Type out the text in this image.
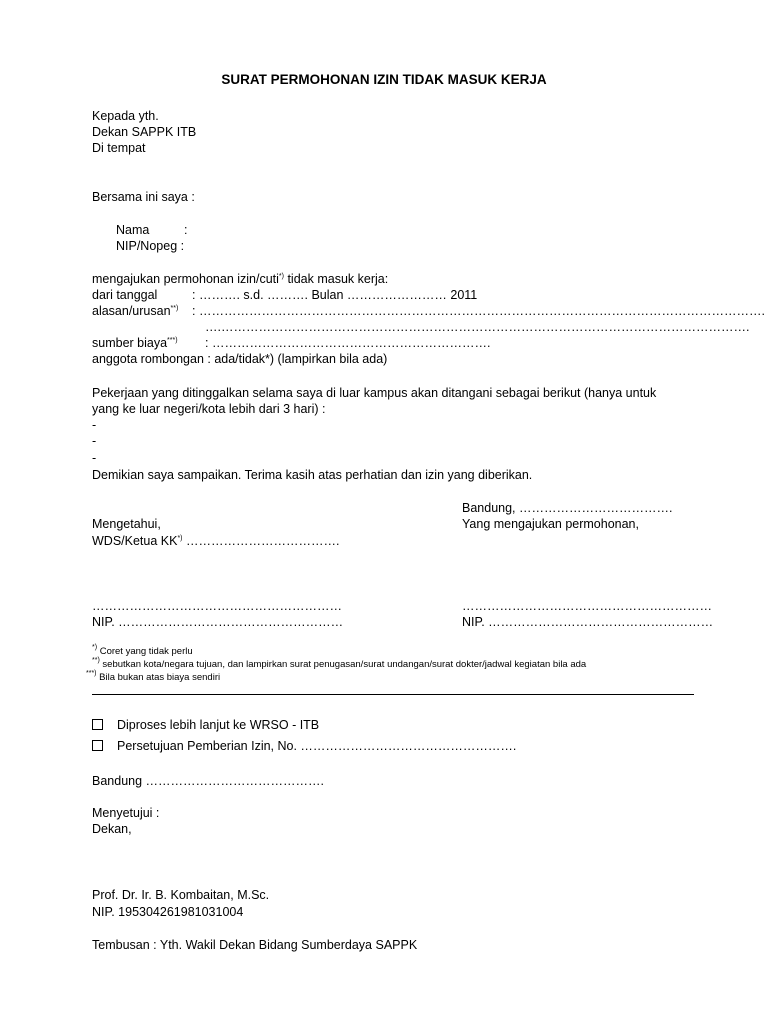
SURAT PERMOHONAN IZIN TIDAK MASUK KERJA
Kepada yth.
Dekan SAPPK ITB
Di tempat
Bersama ini saya :
Nama	:
NIP/Nopeg :
mengajukan permohonan izin/cuti*) tidak masuk kerja:
dari tanggal	: ………. s.d. ………. Bulan …………………… 2011
alasan/urusan**) : ……………………………………………………………………………………………………………………….
….……………………………………………………………………………………………………………….
sumber biaya***) : ………………………………………………………….
anggota rombongan : ada/tidak*) (lampirkan bila ada)
Pekerjaan yang ditinggalkan selama saya di luar kampus akan ditangani sebagai berikut (hanya untuk
yang ke luar negeri/kota lebih dari 3 hari) :
-
-
-
Demikian saya sampaikan. Terima kasih atas perhatian dan izin yang diberikan.
Bandung, ……………………………….
Mengetahui,	Yang mengajukan permohonan,
WDS/Ketua KK*) ……………………………….
……………………………………………………	……………………………………………………
NIP. ………………………………………………	NIP. ………………………………………………
*) Coret yang tidak perlu
**) sebutkan kota/negara tujuan, dan lampirkan surat penugasan/surat undangan/surat dokter/jadwal kegiatan bila ada
***) Bila bukan atas biaya sendiri
Diproses lebih lanjut ke WRSO - ITB
Persetujuan Pemberian Izin, No. …………………………………………….
Bandung …………………………………….
Menyetujui :
Dekan,
Prof. Dr. Ir. B. Kombaitan, M.Sc.
NIP. 195304261981031004
Tembusan : Yth. Wakil Dekan Bidang Sumberdaya SAPPK
